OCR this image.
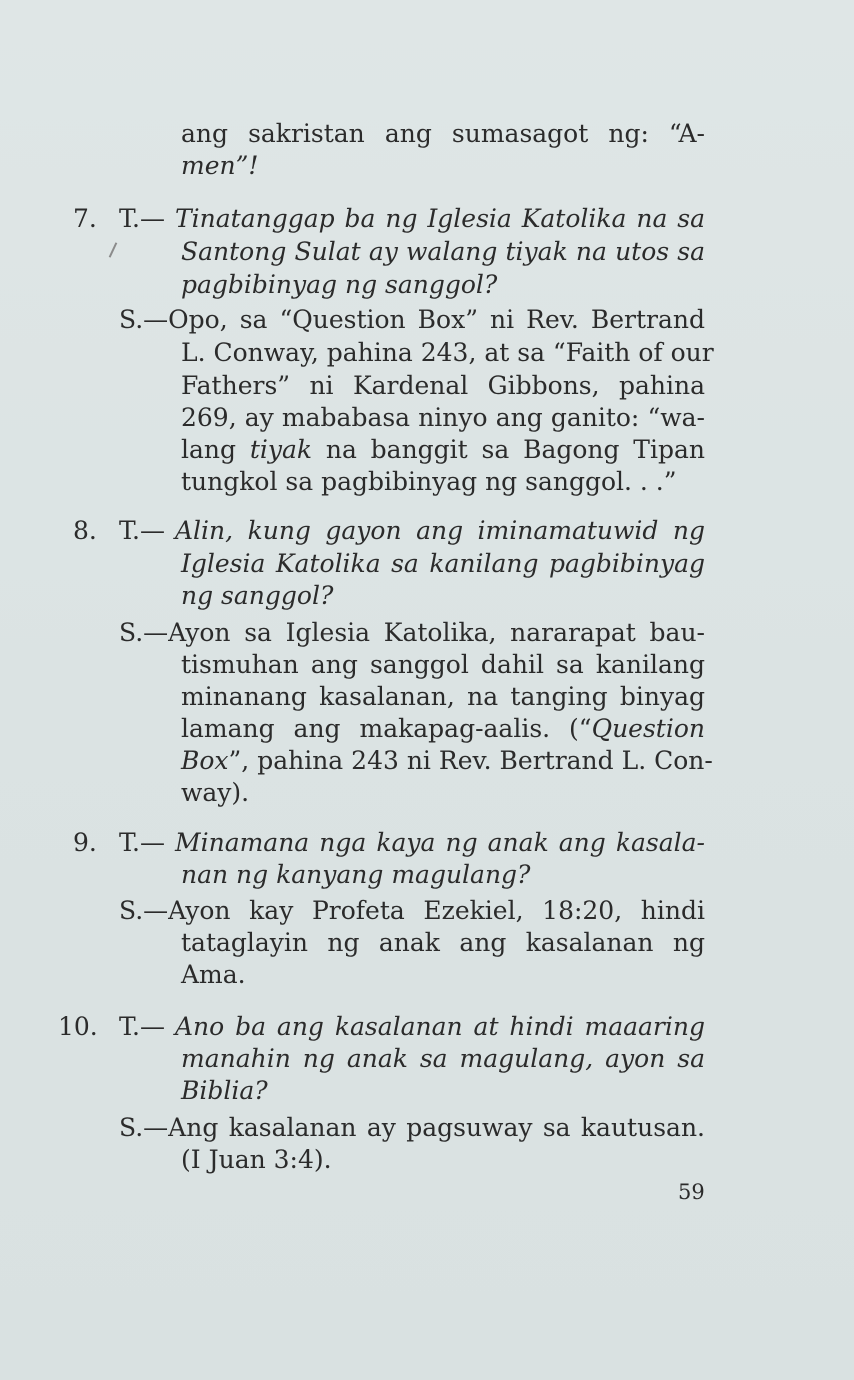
ang sakristan ang sumasagot ng: “A-
men”!
7. T.— Tinatanggap ba ng Iglesia Katolika na sa
Santong Sulat ay walang tiyak na utos sa
pagbibinyag ng sanggol?
S.—Opo, sa “Question Box” ni Rev. Bertrand
L. Conway, pahina 243, at sa “Faith of our
Fathers” ni Kardenal Gibbons, pahina
269, ay mababasa ninyo ang ganito: “wa-
lang tiyak na banggit sa Bagong Tipan
tungkol sa pagbibinyag ng sanggol. . .”
8. T.— Alin, kung gayon ang iminamatuwid ng
Iglesia Katolika sa kanilang pagbibinyag
ng sanggol?
S.—Ayon sa Iglesia Katolika, nararapat bau-
tismuhan ang sanggol dahil sa kanilang
minanang kasalanan, na tanging binyag
lamang ang makapag-aalis. (“Question
Box”, pahina 243 ni Rev. Bertrand L. Con-
way).
9. T.— Minamana nga kaya ng anak ang kasala-
nan ng kanyang magulang?
S.—Ayon kay Profeta Ezekiel, 18:20, hindi
tataglayin ng anak ang kasalanan ng
Ama.
10. T.— Ano ba ang kasalanan at hindi maaaring
manahin ng anak sa magulang, ayon sa
Biblia?
S.—Ang kasalanan ay pagsuway sa kautusan.
(I Juan 3:4).
59
